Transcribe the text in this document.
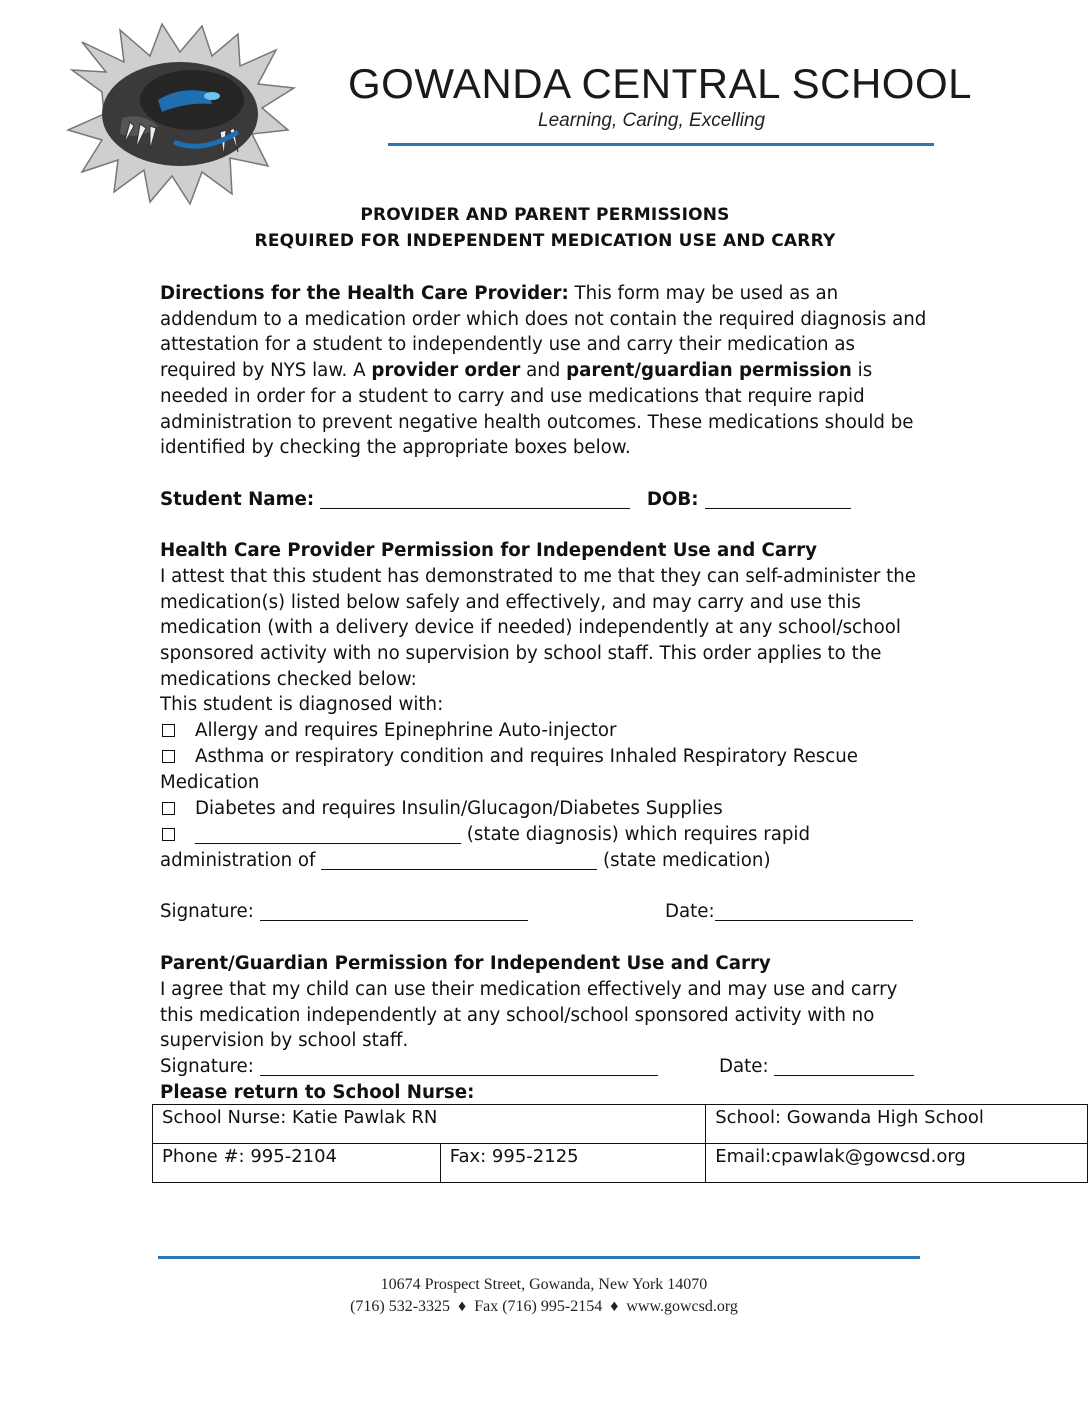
GOWANDA CENTRAL SCHOOL
Learning, Caring, Excelling
PROVIDER AND PARENT PERMISSIONS
REQUIRED FOR INDEPENDENT MEDICATION USE AND CARRY
Directions for the Health Care Provider: This form may be used as an addendum to a medication order which does not contain the required diagnosis and attestation for a student to independently use and carry their medication as required by NYS law. A provider order and parent/guardian permission is needed in order for a student to carry and use medications that require rapid administration to prevent negative health outcomes. These medications should be identified by checking the appropriate boxes below.
Student Name:	DOB:
Health Care Provider Permission for Independent Use and Carry
I attest that this student has demonstrated to me that they can self-administer the medication(s) listed below safely and effectively, and may carry and use this medication (with a delivery device if needed) independently at any school/school sponsored activity with no supervision by school staff. This order applies to the medications checked below:
This student is diagnosed with:
Allergy and requires Epinephrine Auto-injector
Asthma or respiratory condition and requires Inhaled Respiratory Rescue
Medication
Diabetes and requires Insulin/Glucagon/Diabetes Supplies
(state diagnosis) which requires rapid
administration of	(state medication)
Signature:	Date:
Parent/Guardian Permission for Independent Use and Carry
I agree that my child can use their medication effectively and may use and carry this medication independently at any school/school sponsored activity with no supervision by school staff.
Signature:	Date:
Please return to School Nurse:
School Nurse: Katie Pawlak RN		School: Gowanda High School
Phone #: 995-2104	Fax: 995-2125	Email:cpawlak@gowcsd.org
10674 Prospect Street, Gowanda, New York 14070
(716) 532-3325 ♦ Fax (716) 995-2154 ♦ www.gowcsd.org
